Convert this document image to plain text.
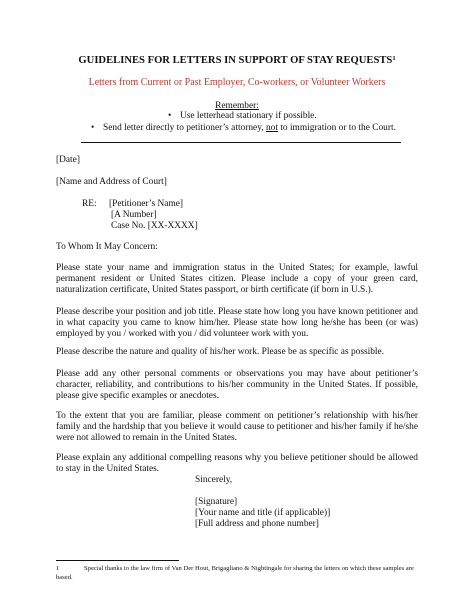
GUIDELINES FOR LETTERS IN SUPPORT OF STAY REQUESTS$^1$
Letters from Current or Past Employer, Co-workers, or Volunteer Workers
Remember:
• Use letterhead stationary if possible.
• Send letter directly to petitioner’s attorney, not to immigration or to the Court.
[Date]
[Name and Address of Court]
RE: [Petitioner’s Name]
[A Number]
Case No. [XX-XXXX]
To Whom It May Concern:
Please state your name and immigration status in the United States; for example, lawful permanent resident or United States citizen. Please include a copy of your green card, naturalization certificate, United States passport, or birth certificate (if born in U.S.).
Please describe your position and job title. Please state how long you have known petitioner and in what capacity you came to know him/her. Please state how long he/she has been (or was) employed by you / worked with you / did volunteer work with you.
Please describe the nature and quality of his/her work. Please be as specific as possible.
Please add any other personal comments or observations you may have about petitioner’s character, reliability, and contributions to his/her community in the United States. If possible, please give specific examples or anecdotes.
To the extent that you are familiar, please comment on petitioner’s relationship with his/her family and the hardship that you believe it would cause to petitioner and his/her family if he/she were not allowed to remain in the United States.
Please explain any additional compelling reasons why you believe petitioner should be allowed to stay in the United States.
Sincerely,
[Signature]
[Your name and title (if applicable)]
[Full address and phone number]
1	Special thanks to the law firm of Van Der Hout, Brigagliano & Nightingale for sharing the letters on which these samples are based.
